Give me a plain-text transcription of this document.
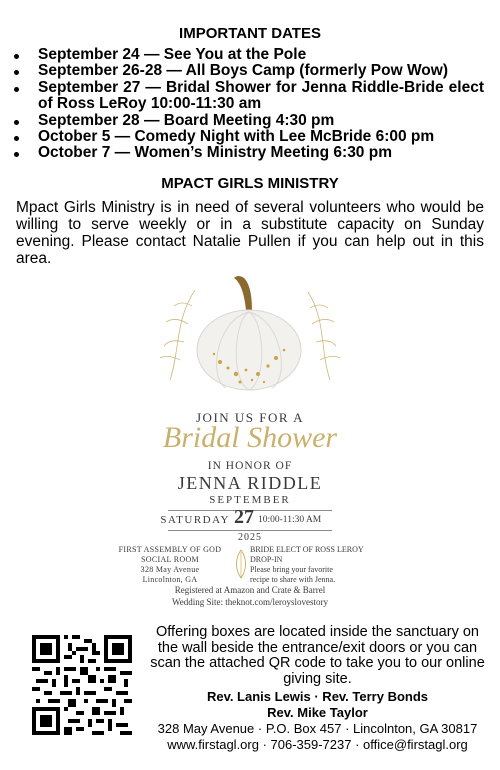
IMPORTANT DATES
September 24 — See You at the Pole
September 26-28 — All Boys Camp (formerly Pow Wow)
September 27 — Bridal Shower for Jenna Riddle-Bride elect of Ross LeRoy 10:00-11:30 am
September 28 — Board Meeting 4:30 pm
October 5 — Comedy Night with Lee McBride 6:00 pm
October 7 — Women’s Ministry Meeting 6:30 pm
MPACT GIRLS MINISTRY
Mpact Girls Ministry is in need of several volunteers who would be willing to serve weekly or in a substitute capacity on Sunday evening. Please contact Natalie Pullen if you can help out in this area.
JOIN US FOR A
Bridal Shower
IN HONOR OF
JENNA RIDDLE
SEPTEMBER
SATURDAY 27 10:00-11:30 AM
2025
FIRST ASSEMBLY OF GOD
SOCIAL ROOM
328 May Avenue
Lincolnton, GA
BRIDE ELECT OF ROSS LEROY
DROP-IN
Please bring your favorite
recipe to share with Jenna.
Registered at Amazon and Crate & Barrel
Wedding Site: theknot.com/leroyslovestory
Offering boxes are located inside the sanctuary on the wall beside the entrance/exit doors or you can scan the attached QR code to take you to our online giving site.
Rev. Lanis Lewis · Rev. Terry Bonds
Rev. Mike Taylor
328 May Avenue · P.O. Box 457 · Lincolnton, GA 30817
www.firstagl.org · 706-359-7237 · office@firstagl.org
